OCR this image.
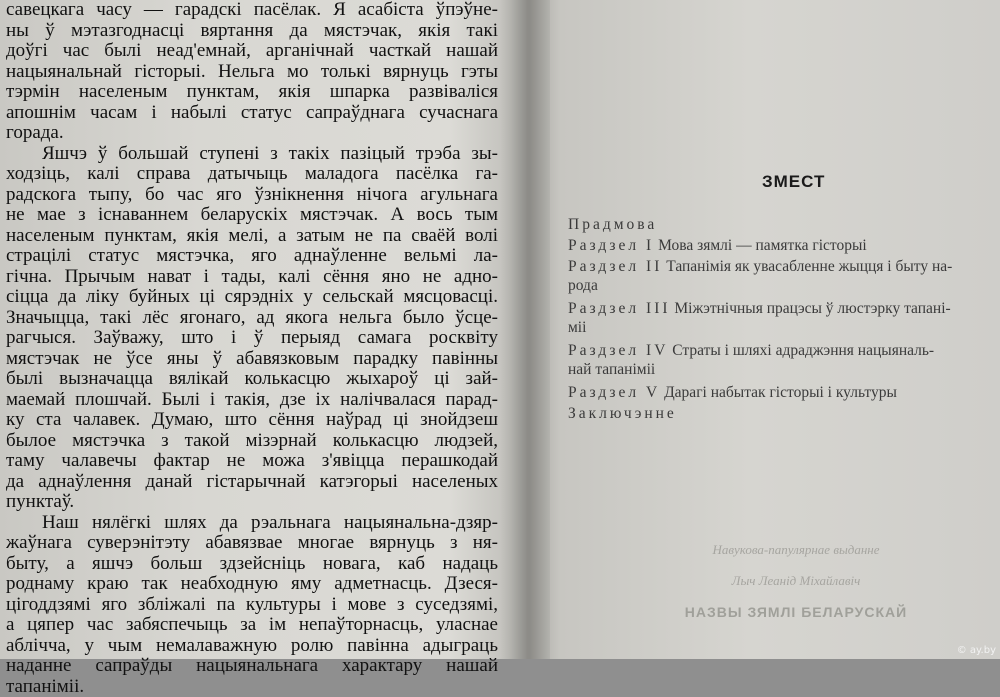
савецкага часу — гарадскі пасёлак. Я асабіста ўпэўне-
ны ў мэтазгоднасці вяртання да мястэчак, якія такі
доўгі час былі неад'емнай, арганічнай часткай нашай
нацыянальнай гісторыі. Нельга мо толькі вярнуць гэты
тэрмін населеным пунктам, якія шпарка развіваліся
апошнім часам і набылі статус сапраўднага сучаснага
горада.
Яшчэ ў большай ступені з такіх пазіцый трэба зы-
ходзіць, калі справа датычыць маладога пасёлка га-
радскога тыпу, бо час яго ўзнікнення нічога агульнага
не мае з існаваннем беларускіх мястэчак. А вось тым
населеным пунктам, якія мелі, а затым не па сваёй волі
страцілі статус мястэчка, яго аднаўленне вельмі ла-
гічна. Прычым нават і тады, калі сёння яно не адно-
сіцца да ліку буйных ці сярэдніх у сельскай мясцовасці.
Значыцца, такі лёс ягонаго, ад якога нельга было ўсце-
рагчыся. Заўважу, што і ў перыяд самага росквіту
мястэчак не ўсе яны ў абавязковым парадку павінны
былі вызначацца вялікай колькасцю жыхароў ці зай-
маемай плошчай. Былі і такія, дзе іх налічвалася парад-
ку ста чалавек. Думаю, што сёння наўрад ці знойдзеш
былое мястэчка з такой мізэрнай колькасцю людзей,
таму чалавечы фактар не можа з'явіцца перашкодай
да аднаўлення данай гістарычнай катэгорыі населеных
пунктаў.
Наш нялёгкі шлях да рэальнага нацыянальна-дзяр-
жаўнага суверэнітэту абавязвае многае вярнуць з ня-
быту, а яшчэ больш здзейсніць новага, каб надаць
роднаму краю так неабходную яму адметнасць. Дзеся-
цігоддзямі яго збліжалі па культуры і мове з суседзямі,
а цяпер час забяспечыць за ім непаўторнасць, уласнае
аблічча, у чым немалаважную ролю павінна адыграць
наданне сапраўды нацыянальнага характару нашай
тапаніміі.
ЗМЕСТ
Прадмова
Раздзел I Мова зямлі — памятка гісторыі
Раздзел II Тапанімія як увасабленне жыцця і быту на-
рода
Раздзел III Міжэтнічныя працэсы ў люстэрку тапані-
міі
Раздзел IV Страты і шляхі адраджэння нацыяналь-
най тапаніміі
Раздзел V Дарагі набытак гісторыі і культуры
Заключэнне
Навукова-папулярнае выданне
Лыч Леанід Міхайлавіч
НАЗВЫ ЗЯМЛІ БЕЛАРУСКАЙ
© ay.by
